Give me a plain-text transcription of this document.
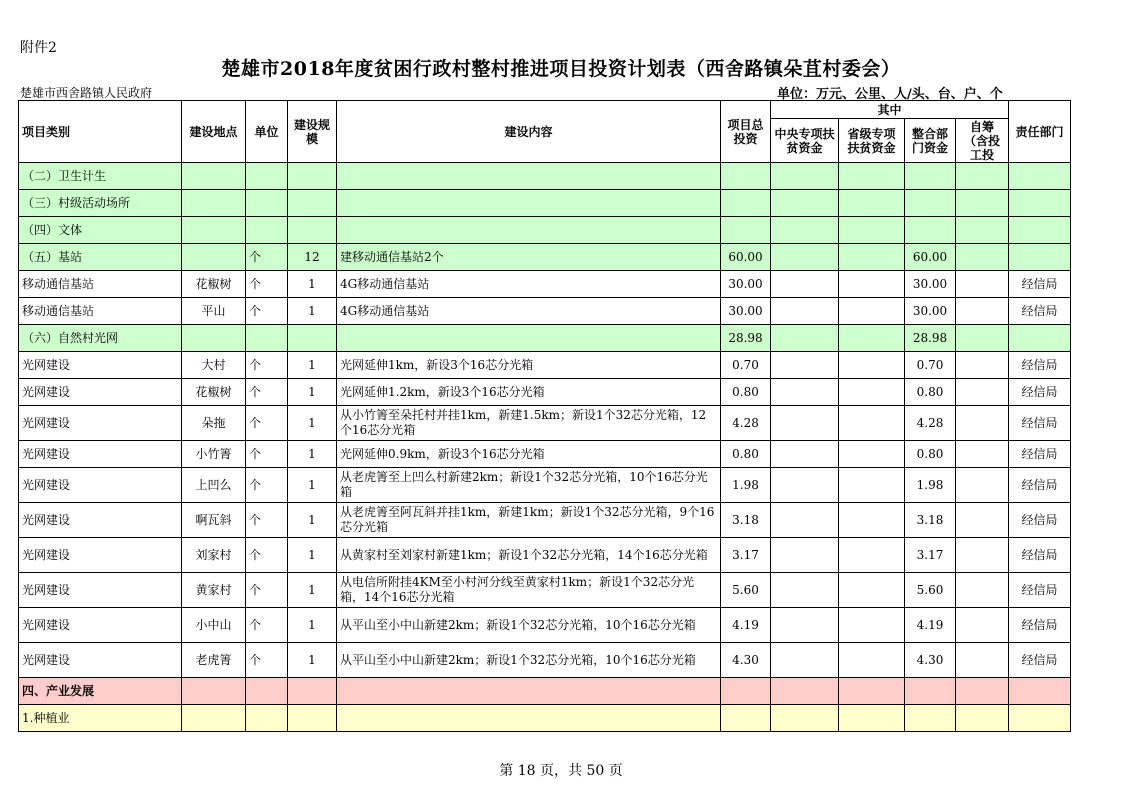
附件2
楚雄市2018年度贫困行政村整村推进项目投资计划表（西舍路镇朵苴村委会）
楚雄市西舍路镇人民政府	单位：万元、公里、人/头、台、户、个
项目类别	建设地点	单位	建设规模	建设内容	项目总投资	其中				责任部门
						中央专项扶贫资金	省级专项扶贫资金	整合部门资金	自筹（含投工投	
（二）卫生计生										
（三）村级活动场所										
（四）文体										
（五）基站		个	12	建移动通信基站2个	60.00			60.00		
移动通信基站	花椒树	个	1	4G移动通信基站	30.00			30.00		经信局
移动通信基站	平山	个	1	4G移动通信基站	30.00			30.00		经信局
（六）自然村光网					28.98			28.98		
光网建设	大村	个	1	光网延伸1km，新设3个16芯分光箱	0.70			0.70		经信局
光网建设	花椒树	个	1	光网延伸1.2km，新设3个16芯分光箱	0.80			0.80		经信局
光网建设	朵拖	个	1	从小竹箐至朵托村并挂1km，新建1.5km；新设1个32芯分光箱，12个16芯分光箱	4.28			4.28		经信局
光网建设	小竹箐	个	1	光网延伸0.9km，新设3个16芯分光箱	0.80			0.80		经信局
光网建设	上凹么	个	1	从老虎箐至上凹么村新建2km；新设1个32芯分光箱，10个16芯分光箱	1.98			1.98		经信局
光网建设	啊瓦斜	个	1	从老虎箐至阿瓦斜并挂1km，新建1km；新设1个32芯分光箱，9个16芯分光箱	3.18			3.18		经信局
光网建设	刘家村	个	1	从黄家村至刘家村新建1km；新设1个32芯分光箱，14个16芯分光箱	3.17			3.17		经信局
光网建设	黄家村	个	1	从电信所附挂4KM至小村河分线至黄家村1km；新设1个32芯分光箱，14个16芯分光箱	5.60			5.60		经信局
光网建设	小中山	个	1	从平山至小中山新建2km；新设1个32芯分光箱，10个16芯分光箱	4.19			4.19		经信局
光网建设	老虎箐	个	1	从平山至小中山新建2km；新设1个32芯分光箱，10个16芯分光箱	4.30			4.30		经信局
四、产业发展										
1.种植业										
第 18 页，共 50 页
